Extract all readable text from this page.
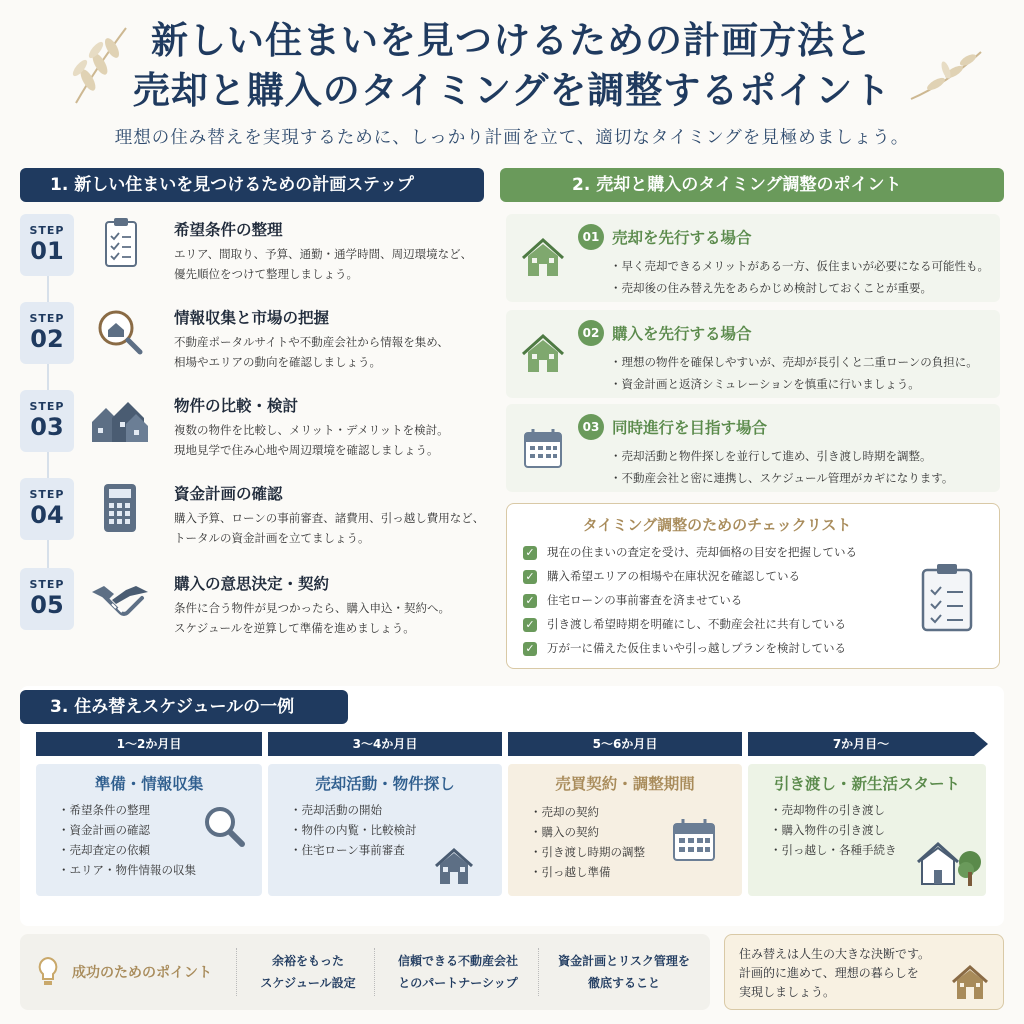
新しい住まいを見つけるための計画方法と
売却と購入のタイミングを調整するポイント
理想の住み替えを実現するために、しっかり計画を立て、適切なタイミングを見極めましょう。
1. 新しい住まいを見つけるための計画ステップ
STEP
01
希望条件の整理
エリア、間取り、予算、通勤・通学時間、周辺環境など、
優先順位をつけて整理しましょう。
STEP
02
情報収集と市場の把握
不動産ポータルサイトや不動産会社から情報を集め、
相場やエリアの動向を確認しましょう。
STEP
03
物件の比較・検討
複数の物件を比較し、メリット・デメリットを検討。
現地見学で住み心地や周辺環境を確認しましょう。
STEP
04
資金計画の確認
購入予算、ローンの事前審査、諸費用、引っ越し費用など、
トータルの資金計画を立てましょう。
STEP
05
購入の意思決定・契約
条件に合う物件が見つかったら、購入申込・契約へ。
スケジュールを逆算して準備を進めましょう。
2. 売却と購入のタイミング調整のポイント
01 売却を先行する場合
・早く売却できるメリットがある一方、仮住まいが必要になる可能性も。
・売却後の住み替え先をあらかじめ検討しておくことが重要。
02 購入を先行する場合
・理想の物件を確保しやすいが、売却が長引くと二重ローンの負担に。
・資金計画と返済シミュレーションを慎重に行いましょう。
03 同時進行を目指す場合
・売却活動と物件探しを並行して進め、引き渡し時期を調整。
・不動産会社と密に連携し、スケジュール管理がカギになります。
タイミング調整のためのチェックリスト
✓ 現在の住まいの査定を受け、売却価格の目安を把握している
✓ 購入希望エリアの相場や在庫状況を確認している
✓ 住宅ローンの事前審査を済ませている
✓ 引き渡し希望時期を明確にし、不動産会社に共有している
✓ 万が一に備えた仮住まいや引っ越しプランを検討している
3. 住み替えスケジュールの一例
1〜2か月目	3〜4か月目	5〜6か月目	7か月目〜
準備・情報収集
・希望条件の整理
・資金計画の確認
・売却査定の依頼
・エリア・物件情報の収集
売却活動・物件探し
・売却活動の開始
・物件の内覧・比較検討
・住宅ローン事前審査
売買契約・調整期間
・売却の契約
・購入の契約
・引き渡し時期の調整
・引っ越し準備
引き渡し・新生活スタート
・売却物件の引き渡し
・購入物件の引き渡し
・引っ越し・各種手続き
成功のためのポイント
余裕をもった
スケジュール設定
信頼できる不動産会社
とのパートナーシップ
資金計画とリスク管理を
徹底すること
住み替えは人生の大きな決断です。
計画的に進めて、理想の暮らしを
実現しましょう。
